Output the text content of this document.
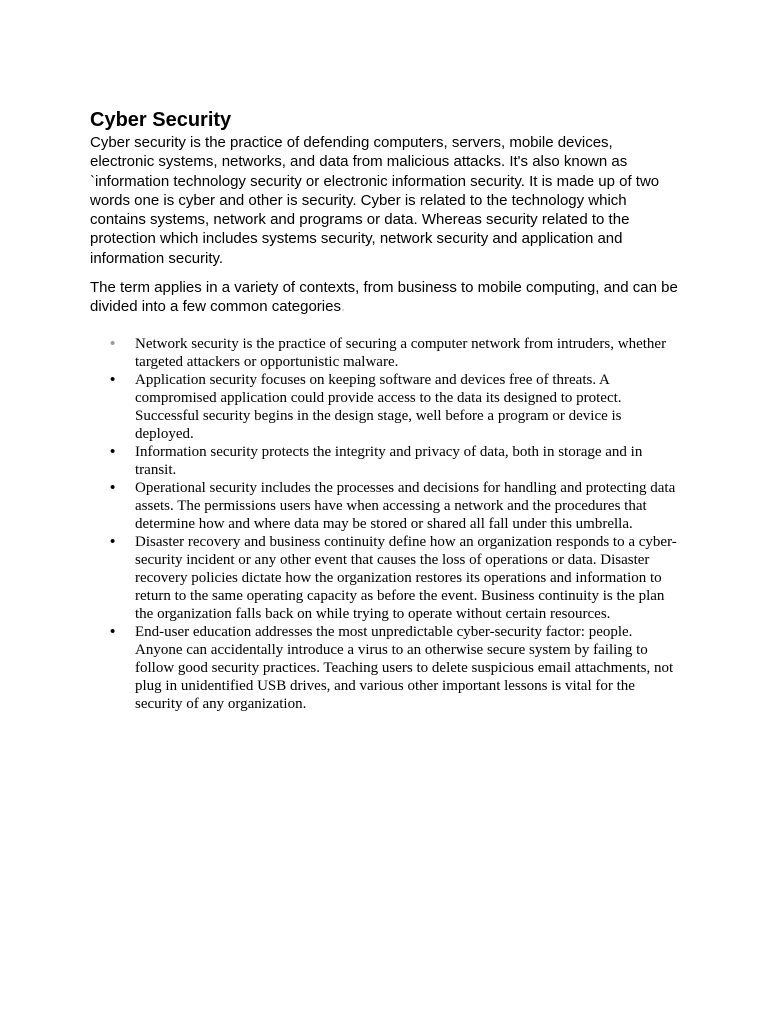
Cyber Security

Cyber security is the practice of defending computers, servers, mobile devices, electronic systems, networks, and data from malicious attacks. It's also known as `information technology security or electronic information security. It is made up of two words one is cyber and other is security. Cyber is related to the technology which contains systems, network and programs or data. Whereas security related to the protection which includes systems security, network security and application and information security.

The term applies in a variety of contexts, from business to mobile computing, and can be divided into a few common categories.

• Network security is the practice of securing a computer network from intruders, whether targeted attackers or opportunistic malware.
• Application security focuses on keeping software and devices free of threats. A compromised application could provide access to the data its designed to protect. Successful security begins in the design stage, well before a program or device is deployed.
• Information security protects the integrity and privacy of data, both in storage and in transit.
• Operational security includes the processes and decisions for handling and protecting data assets. The permissions users have when accessing a network and the procedures that determine how and where data may be stored or shared all fall under this umbrella.
• Disaster recovery and business continuity define how an organization responds to a cyber-security incident or any other event that causes the loss of operations or data. Disaster recovery policies dictate how the organization restores its operations and information to return to the same operating capacity as before the event. Business continuity is the plan the organization falls back on while trying to operate without certain resources.
• End-user education addresses the most unpredictable cyber-security factor: people. Anyone can accidentally introduce a virus to an otherwise secure system by failing to follow good security practices. Teaching users to delete suspicious email attachments, not plug in unidentified USB drives, and various other important lessons is vital for the security of any organization.
